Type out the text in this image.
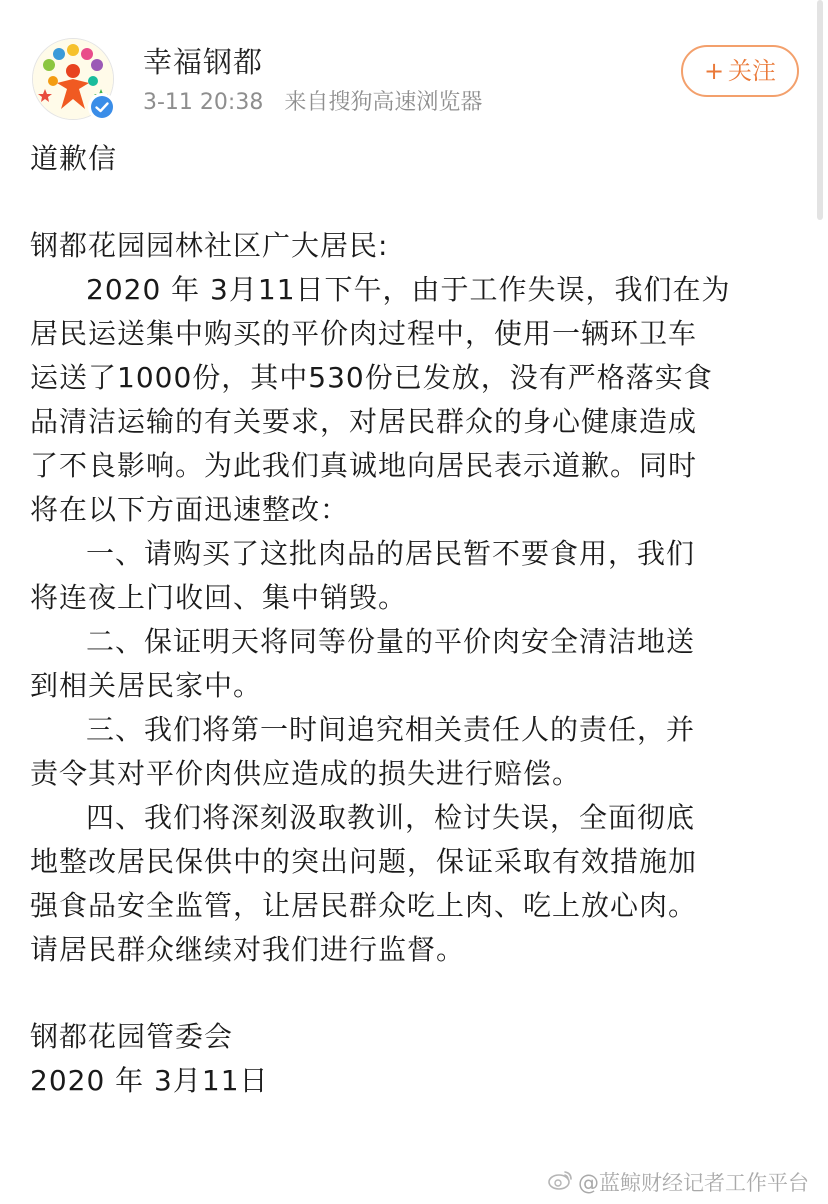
幸福钢都
3-11 20:38 来自搜狗高速浏览器
+ 关注

道歉信

钢都花园园林社区广大居民:

2020 年 3月11日下午，由于工作失误，我们在为

居民运送集中购买的平价肉过程中，使用一辆环卫车
运送了1000份，其中530份已发放，没有严格落实食
品清洁运输的有关要求，对居民群众的身心健康造成
了不良影响。为此我们真诚地向居民表示道歉。同时
将在以下方面迅速整改：

一、请购买了这批肉品的居民暂不要食用，我们

将连夜上门收回、集中销毁。

二、保证明天将同等份量的平价肉安全清洁地送

到相关居民家中。

三、我们将第一时间追究相关责任人的责任，并

责令其对平价肉供应造成的损失进行赔偿。

四、我们将深刻汲取教训，检讨失误，全面彻底

地整改居民保供中的突出问题，保证采取有效措施加
强食品安全监管，让居民群众吃上肉、吃上放心肉。
请居民群众继续对我们进行监督。

钢都花园管委会

2020 年 3月11日

@蓝鲸财经记者工作平台
